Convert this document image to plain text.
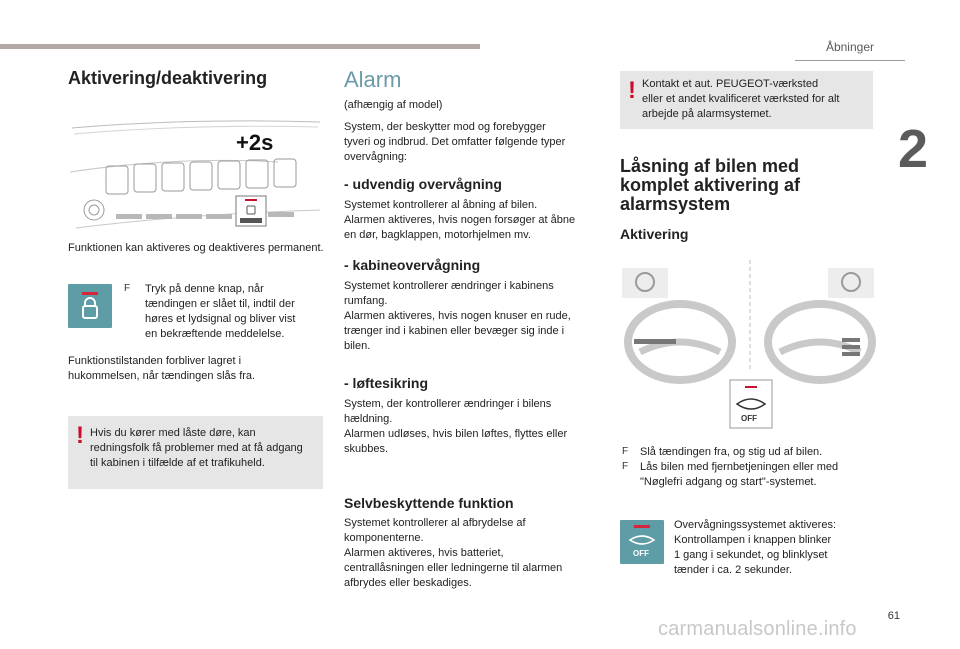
Åbninger
2
Aktivering/deaktivering
+2s

Funktionen kan aktiveres og deaktiveres permanent.

F Tryk på denne knap, når

tændingen er slået til, indtil der

høres et lydsignal og bliver vist

en bekræftende meddelelse.

Funktionstilstanden forbliver lagret i

hukommelsen, når tændingen slås fra.

! Hvis du kører med låste døre, kan

redningsfolk få problemer med at få adgang

til kabinen i tilfælde af et trafikuheld.

Alarm

(afhængig af model)

System, der beskytter mod og forebygger

tyveri og indbrud. Det omfatter følgende typer

overvågning:

- udvendig overvågning

Systemet kontrollerer al åbning af bilen.

Alarmen aktiveres, hvis nogen forsøger at åbne

en dør, bagklappen, motorhjelmen mv.

- kabineovervågning

Systemet kontrollerer ændringer i kabinens

rumfang.

Alarmen aktiveres, hvis nogen knuser en rude,

trænger ind i kabinen eller bevæger sig inde i

bilen.

- løftesikring

System, der kontrollerer ændringer i bilens

hældning.

Alarmen udløses, hvis bilen løftes, flyttes eller

skubbes.

Selvbeskyttende funktion

Systemet kontrollerer al afbrydelse af

komponenterne.

Alarmen aktiveres, hvis batteriet,

centrallåsningen eller ledningerne til alarmen

afbrydes eller beskadiges.

! Kontakt et aut. PEUGEOT-værksted

eller et andet kvalificeret værksted for alt

arbejde på alarmsystemet.

Låsning af bilen med
komplet aktivering af
alarmsystem
Aktivering
OFF
F Slå tændingen fra, og stig ud af bilen.

F Lås bilen med fjernbetjeningen eller med

"Nøglefri adgang og start"-systemet.

OFF

Overvågningssystemet aktiveres:

Kontrollampen i knappen blinker

1 gang i sekundet, og blinklyset

tænder i ca. 2 sekunder.

61
carmanualsonline.info
